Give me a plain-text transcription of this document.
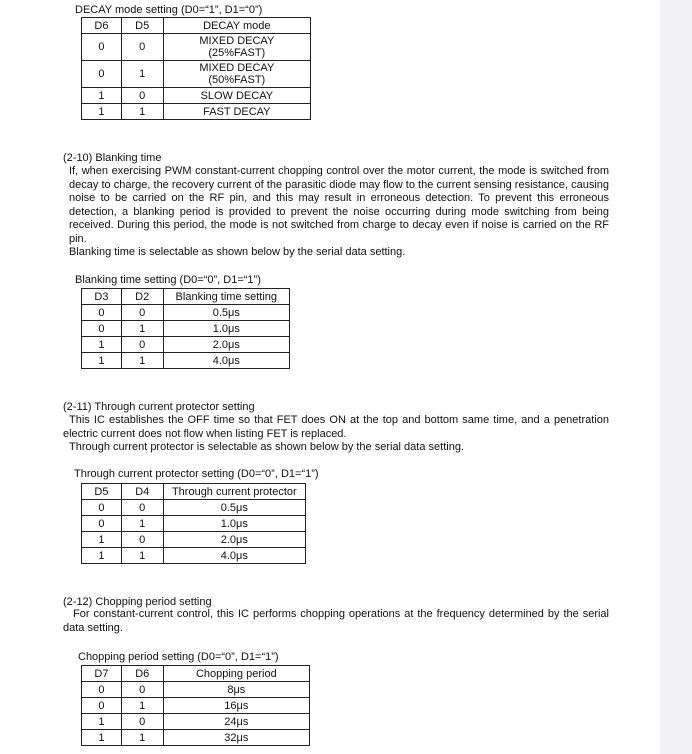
DECAY mode setting (D0=“1”, D1=“0”)
D6	D5	DECAY mode
0	0	MIXED DECAY
(25%FAST)
0	1	MIXED DECAY
(50%FAST)
1	0	SLOW DECAY
1	1	FAST DECAY
(2-10) Blanking time

If, when exercising PWM constant-current chopping control over the motor current, the mode is switched from decay to charge, the recovery current of the parasitic diode may flow to the current sensing resistance, causing noise to be carried on the RF pin, and this may result in erroneous detection. To prevent this erroneous detection, a blanking period is provided to prevent the noise occurring during mode switching from being received. During this period, the mode is not switched from charge to decay even if noise is carried on the RF pin.

Blanking time is selectable as shown below by the serial data setting.

Blanking time setting (D0=“0”, D1=“1”)
D3	D2	Blanking time setting
0	0	0.5μs
0	1	1.0μs
1	0	2.0μs
1	1	4.0μs
(2-11) Through current protector setting

This IC establishes the OFF time so that FET does ON at the top and bottom same time, and a penetration electric current does not flow when listing FET is replaced.

Through current protector is selectable as shown below by the serial data setting.

Through current protector setting (D0=“0”, D1=“1”)
D5	D4	Through current protector
0	0	0.5μs
0	1	1.0μs
1	0	2.0μs
1	1	4.0μs
(2-12) Chopping period setting

For constant-current control, this IC performs chopping operations at the frequency determined by the serial data setting.

Chopping period setting (D0=“0”, D1=“1”)
D7	D6	Chopping period
0	0	8μs
0	1	16μs
1	0	24μs
1	1	32μs
